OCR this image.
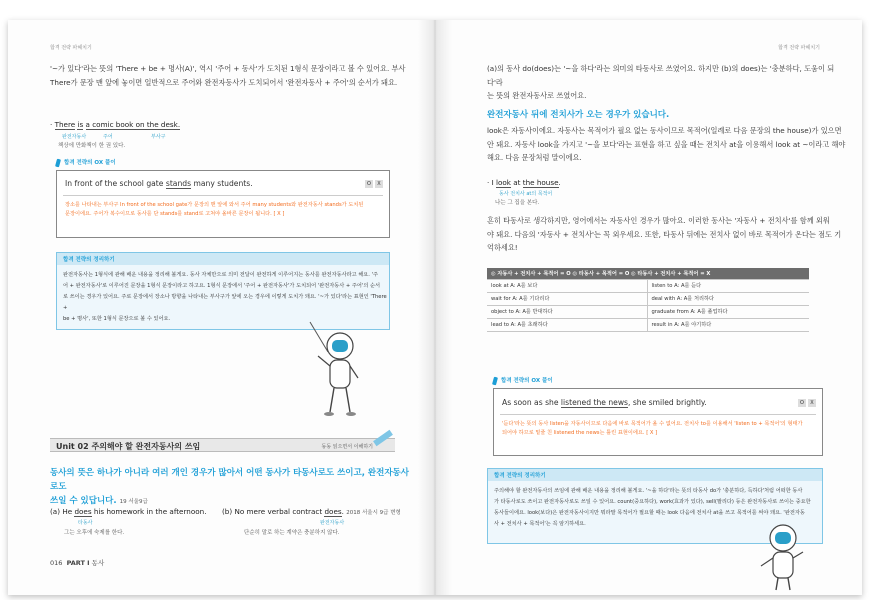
합격 전략 파헤치기
'~가 있다'라는 뜻의 'There + be + 명사(A)', 역시 '주어 + 동사'가 도치된 1형식 문장이라고 볼 수 있어요. 부사
There가 문장 맨 앞에 놓이면 일반적으로 주어와 완전자동사가 도치되어서 '완전자동사 + 주어'의 순서가 돼요.
· There is a comic book on the desk.
완전자동사	주어	부사구
책상에 만화책이 한 권 있다.
합격 전략의 OX 풀이
In front of the school gate stands many students.	O X
장소를 나타내는 부사구 In front of the school gate가 문장의 맨 앞에 와서 주어 many students와 완전자동사 stands가 도치된
문장이에요. 주어가 복수이므로 동사를 단 stands를 stand로 고쳐야 올바른 문장이 됩니다. [ X ]
합격 전략의 정리하기
완전자동사는 1형식에 관해 배운 내용을 정리해 볼게요. 동사 자체만으로 의미 전달이 완전하게 이루어지는 동사를 완전자동사라고 해요. '주
어 + 완전자동사'로 이루어진 문장을 1형식 문장이라고 하고요. 1형식 문장에서 '주어 + 완전자동사'가 도치되어 '완전자동사 + 주어'의 순서
로 쓰이는 경우가 있어요. 주로 문장에서 장소나 방향을 나타내는 부사구가 앞에 오는 경우에 이렇게 도치가 돼요. '~가 있다'라는 표현인 'There +
be + 명사', 또한 1형식 문장으로 볼 수 있어요.
Unit 02 주의해야 할 완전자동사의 쓰임	동동 읽으면서 이해하기
동사의 뜻은 하나가 아니라 여러 개인 경우가 많아서 어떤 동사가 타동사로도 쓰이고, 완전자동사로도
쓰일 수 있답니다. 19 서울9급
(a) He does his homework in the afternoon.
타동사
그는 오후에 숙제를 한다.
(b) No mere verbal contract does. 2018 서울시 9급 변형
완전자동사
단순히 말로 하는 계약은 충분하지 않다.
016 PART I 동사
합격 전략 파헤치기
(a)의 동사 do(does)는 '~을 하다'라는 의미의 타동사로 쓰였어요. 하지만 (b)의 does)는 '충분하다, 도움이 되다'라
는 뜻의 완전자동사로 쓰였어요.
완전자동사 뒤에 전치사가 오는 경우가 있습니다.
look은 자동사이에요. 자동사는 목적어가 필요 없는 동사이므로 목적어(일례로 다음 문장의 the house)가 있으면
안 돼요. 자동사 look을 가지고 '~을 보다'라는 표현을 하고 싶을 때는 전치사 at을 이용해서 look at ~이라고 해야
해요. 다음 문장처럼 말이에요.
· I look at the house.
동사 전치사 at의 목적어
나는 그 집을 본다.
흔히 타동사로 생각하지만, 영어에서는 자동사인 경우가 많아요. 이러한 동사는 '자동사 + 전치사'를 함께 외워
야 돼요. 다음의 '자동사 + 전치사'는 꼭 외우세요. 또한, 타동사 뒤에는 전치사 없이 바로 목적어가 온다는 점도 기
억하세요!
◎ 자동사 + 전치사 + 목적어 = O ◎ 타동사 + 목적어 = O ◎ 타동사 + 전치사 + 목적어 = X	
look at A: A를 보다	listen to A: A를 듣다
wait for A: A를 기다리다	deal with A: A를 처리하다
object to A: A를 반대하다	graduate from A: A를 졸업하다
lead to A: A를 초래하다	result in A: A를 야기하다
합격 전략의 OX 풀이
As soon as she listened the news, she smiled brightly.	O X
'듣다'라는 뜻의 동사 listen을 자동사이므로 다음에 바로 목적어가 올 수 없어요. 전치사 to를 이용해서 'listen to + 목적어'의 형태가
되어야 하므로 밑줄 친 listened the news는 틀린 표현이에요. [ X ]
합격 전략의 정리하기
주의해야 할 완전자동사의 쓰임에 관해 배운 내용을 정리해 볼게요. '~을 하다'라는 뜻의 타동사 do가 '충분하다, 득하다'처럼 어떠한 동사
가 타동사로도 쓰이고 완전자동사로도 쓰일 수 있어요. count(중요하다), work(효과가 있다), sell(팔리다) 등은 완전자동사로 쓰이는 중요한
동사들이에요. look(보다)은 완전자동사이지만 뭐라말 목적어가 필요할 때는 look 다음에 전치사 at을 쓰고 목적어를 써야 돼요. '완전자동
사 + 전치사 + 목적어'는 꼭 암기하세요.
